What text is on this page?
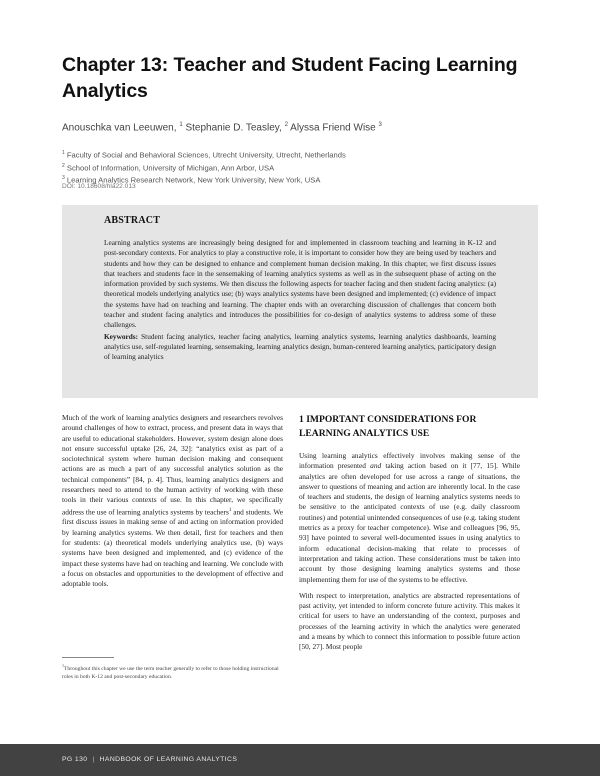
Chapter 13: Teacher and Student Facing Learning Analytics
Anouschka van Leeuwen, $^1$ Stephanie D. Teasley, $^2$ Alyssa Friend Wise $^3$
$^1$ Faculty of Social and Behavioral Sciences, Utrecht University, Utrecht, Netherlands
$^2$ School of Information, University of Michigan, Ann Arbor, USA
$^3$ Learning Analytics Research Network, New York University, New York, USA
DOI: 10.18608/hla22.013
ABSTRACT

Learning analytics systems are increasingly being designed for and implemented in classroom teaching and learning in K-12 and post-secondary contexts. For analytics to play a constructive role, it is important to consider how they are being used by teachers and students and how they can be designed to enhance and complement human decision making. In this chapter, we first discuss issues that teachers and students face in the sensemaking of learning analytics systems as well as in the subsequent phase of acting on the information provided by such systems. We then discuss the following aspects for teacher facing and then student facing analytics: (a) theoretical models underlying analytics use; (b) ways analytics systems have been designed and implemented; (c) evidence of impact the systems have had on teaching and learning. The chapter ends with an overarching discussion of challenges that concern both teacher and student facing analytics and introduces the possibilities for co-design of analytics systems to address some of these challenges.

Keywords: Student facing analytics, teacher facing analytics, learning analytics systems, learning analytics dashboards, learning analytics use, self-regulated learning, sensemaking, learning analytics design, human-centered learning analytics, participatory design of learning analytics

Much of the work of learning analytics designers and researchers revolves around challenges of how to extract, process, and present data in ways that are useful to educational stakeholders. However, system design alone does not ensure successful uptake [26, 24, 32]: “analytics exist as part of a sociotechnical system where human decision making and consequent actions are as much a part of any successful analytics solution as the technical components” [84, p. 4]. Thus, learning analytics designers and researchers need to attend to the human activity of working with these tools in their various contexts of use. In this chapter, we specifically address the use of learning analytics systems by teachers$^1$ and students. We first discuss issues in making sense of and acting on information provided by learning analytics systems. We then detail, first for teachers and then for students: (a) theoretical models underlying analytics use, (b) ways systems have been designed and implemented, and (c) evidence of the impact these systems have had on teaching and learning. We conclude with a focus on obstacles and opportunities to the development of effective and adoptable tools.

$^1$Throughout this chapter we use the term teacher generally to refer to those holding instructional roles in both K-12 and post-secondary education.

1 IMPORTANT CONSIDERATIONS FOR LEARNING ANALYTICS USE

Using learning analytics effectively involves making sense of the information presented and taking action based on it [77, 15]. While analytics are often developed for use across a range of situations, the answer to questions of meaning and action are inherently local. In the case of teachers and students, the design of learning analytics systems needs to be sensitive to the anticipated contexts of use (e.g. daily classroom routines) and potential unintended consequences of use (e.g. taking student metrics as a proxy for teacher competence). Wise and colleagues [96, 95, 93] have pointed to several well-documented issues in using analytics to inform educational decision-making that relate to processes of interpretation and taking action. These considerations must be taken into account by those designing learning analytics systems and those implementing them for use of the systems to be effective.

With respect to interpretation, analytics are abstracted representations of past activity, yet intended to inform concrete future activity. This makes it critical for users to have an understanding of the context, purposes and processes of the learning activity in which the analytics were generated and a means by which to connect this information to possible future action [50, 27]. Most people

PG 130 | HANDBOOK OF LEARNING ANALYTICS
